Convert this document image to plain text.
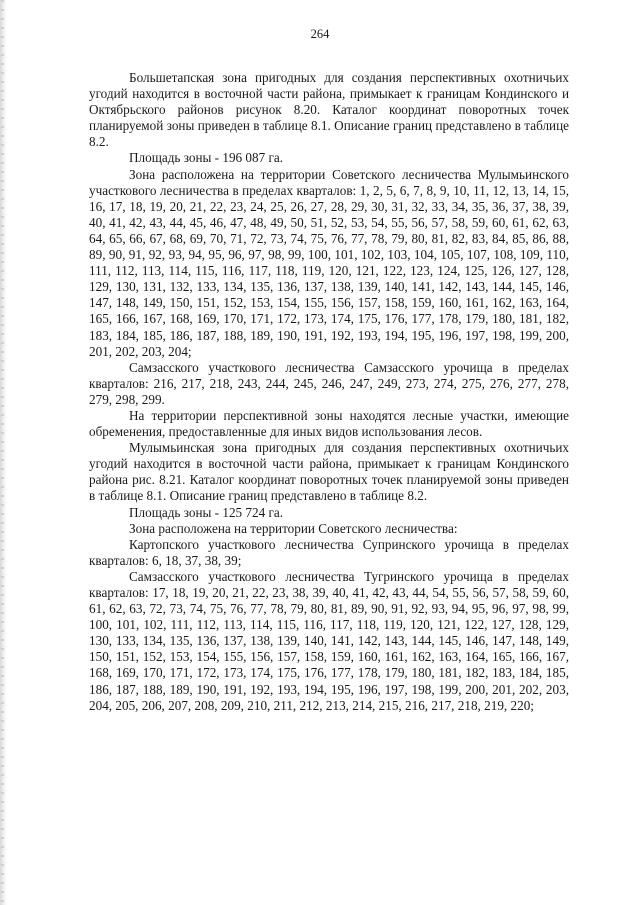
264

Большетапская зона пригодных для создания перспективных охотничьих угодий находится в восточной части района, примыкает к границам Кондинского и Октябрьского районов рисунок 8.20. Каталог координат поворотных точек планируемой зоны приведен в таблице 8.1. Описание границ представлено в таблице 8.2.

Площадь зоны - 196 087 га.

Зона расположена на территории Советского лесничества Мулымьинского участкового лесничества в пределах кварталов: 1, 2, 5, 6, 7, 8, 9, 10, 11, 12, 13, 14, 15, 16, 17, 18, 19, 20, 21, 22, 23, 24, 25, 26, 27, 28, 29, 30, 31, 32, 33, 34, 35, 36, 37, 38, 39, 40, 41, 42, 43, 44, 45, 46, 47, 48, 49, 50, 51, 52, 53, 54, 55, 56, 57, 58, 59, 60, 61, 62, 63, 64, 65, 66, 67, 68, 69, 70, 71, 72, 73, 74, 75, 76, 77, 78, 79, 80, 81, 82, 83, 84, 85, 86, 88, 89, 90, 91, 92, 93, 94, 95, 96, 97, 98, 99, 100, 101, 102, 103, 104, 105, 107, 108, 109, 110, 111, 112, 113, 114, 115, 116, 117, 118, 119, 120, 121, 122, 123, 124, 125, 126, 127, 128, 129, 130, 131, 132, 133, 134, 135, 136, 137, 138, 139, 140, 141, 142, 143, 144, 145, 146, 147, 148, 149, 150, 151, 152, 153, 154, 155, 156, 157, 158, 159, 160, 161, 162, 163, 164, 165, 166, 167, 168, 169, 170, 171, 172, 173, 174, 175, 176, 177, 178, 179, 180, 181, 182, 183, 184, 185, 186, 187, 188, 189, 190, 191, 192, 193, 194, 195, 196, 197, 198, 199, 200, 201, 202, 203, 204;

Самзасского участкового лесничества Самзасского урочища в пределах кварталов: 216, 217, 218, 243, 244, 245, 246, 247, 249, 273, 274, 275, 276, 277, 278, 279, 298, 299.

На территории перспективной зоны находятся лесные участки, имеющие обременения, предоставленные для иных видов использования лесов.

Мулымьинская зона пригодных для создания перспективных охотничьих угодий находится в восточной части района, примыкает к границам Кондинского района рис. 8.21. Каталог координат поворотных точек планируемой зоны приведен в таблице 8.1. Описание границ представлено в таблице 8.2.

Площадь зоны - 125 724 га.

Зона расположена на территории Советского лесничества:

Картопского участкового лесничества Супринского урочища в пределах кварталов: 6, 18, 37, 38, 39;

Самзасского участкового лесничества Тугринского урочища в пределах кварталов: 17, 18, 19, 20, 21, 22, 23, 38, 39, 40, 41, 42, 43, 44, 54, 55, 56, 57, 58, 59, 60, 61, 62, 63, 72, 73, 74, 75, 76, 77, 78, 79, 80, 81, 89, 90, 91, 92, 93, 94, 95, 96, 97, 98, 99, 100, 101, 102, 111, 112, 113, 114, 115, 116, 117, 118, 119, 120, 121, 122, 127, 128, 129, 130, 133, 134, 135, 136, 137, 138, 139, 140, 141, 142, 143, 144, 145, 146, 147, 148, 149, 150, 151, 152, 153, 154, 155, 156, 157, 158, 159, 160, 161, 162, 163, 164, 165, 166, 167, 168, 169, 170, 171, 172, 173, 174, 175, 176, 177, 178, 179, 180, 181, 182, 183, 184, 185, 186, 187, 188, 189, 190, 191, 192, 193, 194, 195, 196, 197, 198, 199, 200, 201, 202, 203, 204, 205, 206, 207, 208, 209, 210, 211, 212, 213, 214, 215, 216, 217, 218, 219, 220;
